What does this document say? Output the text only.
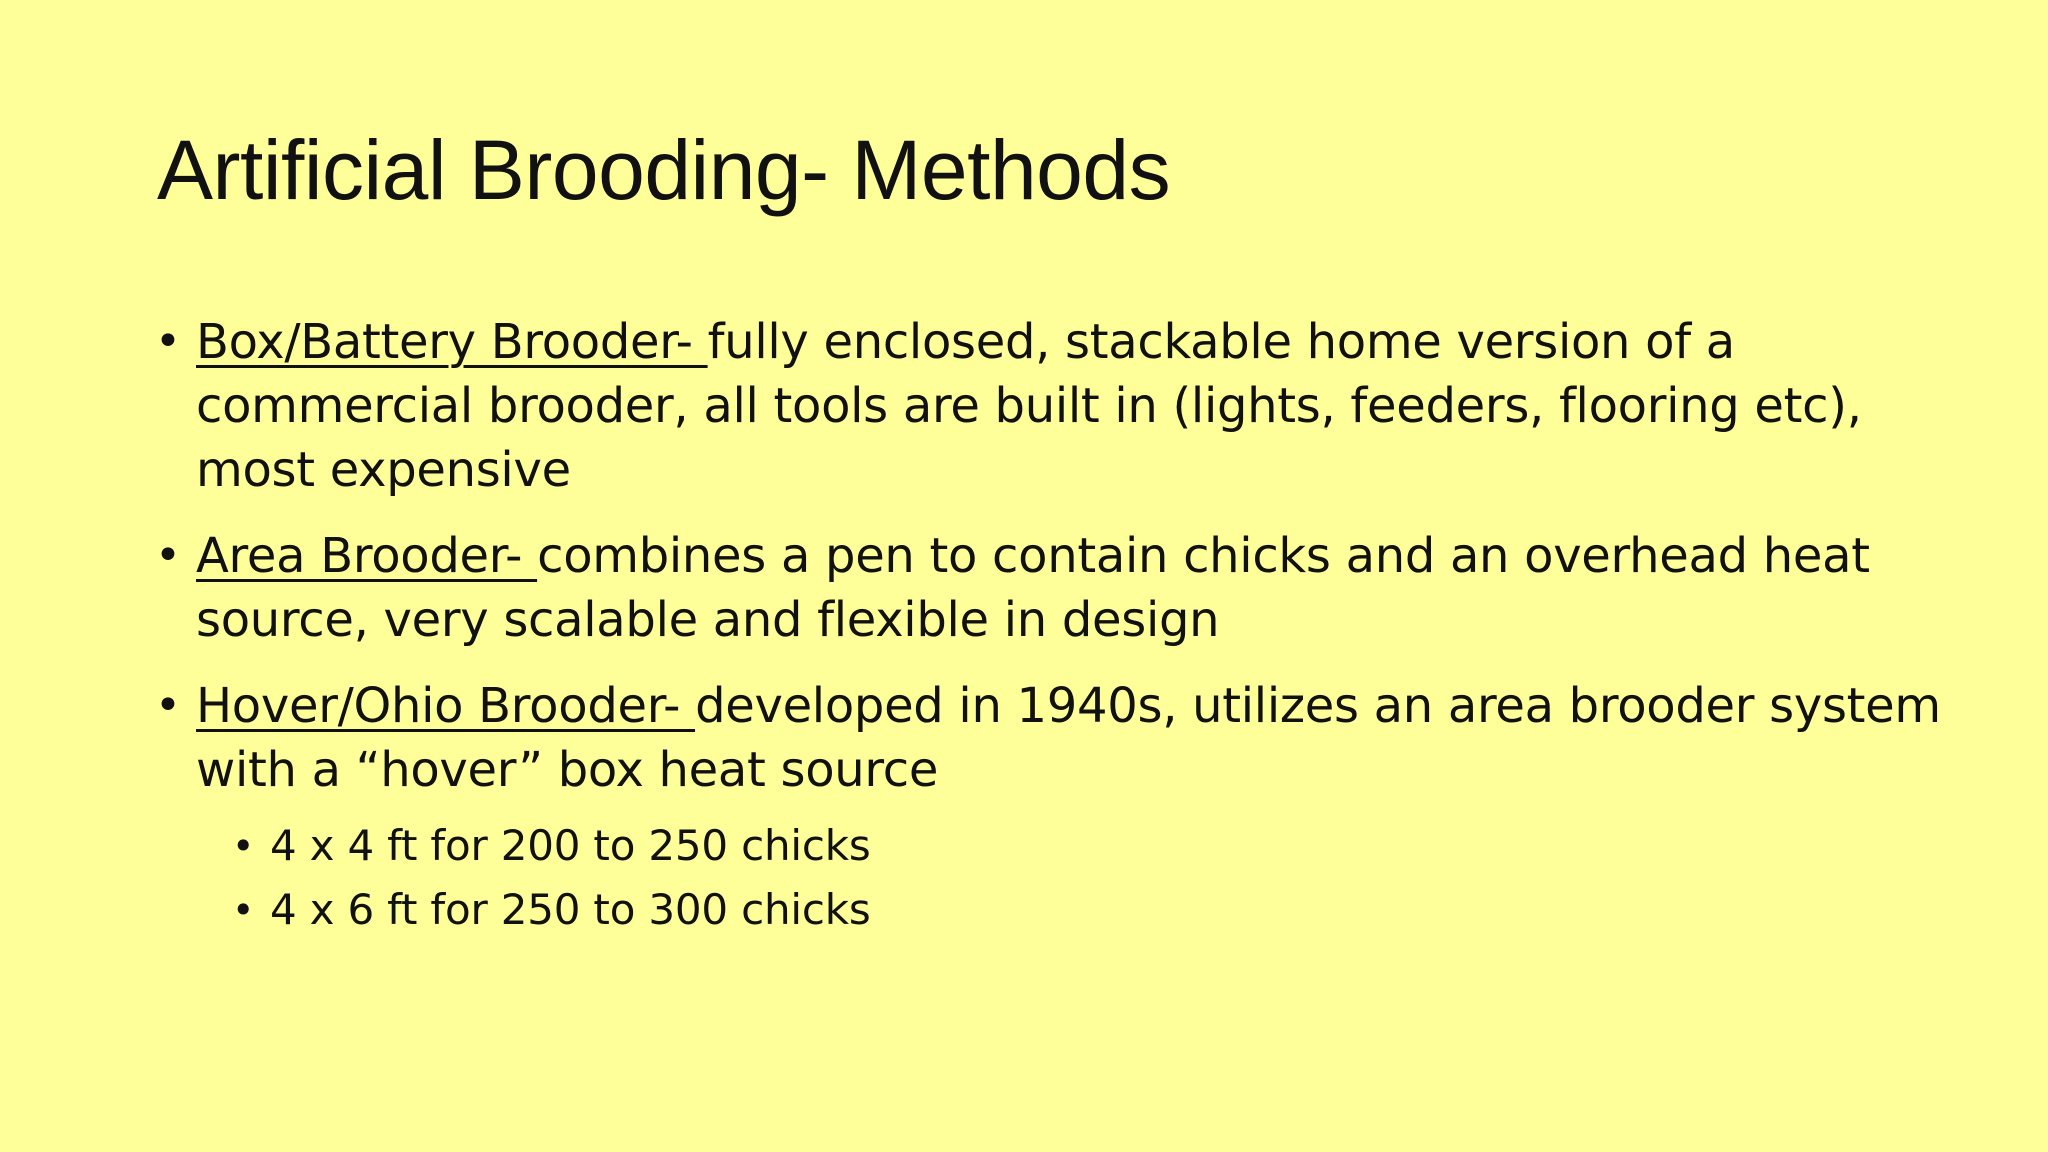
Artificial Brooding- Methods
• Box/Battery Brooder- fully enclosed, stackable home version of a commercial brooder, all tools are built in (lights, feeders, flooring etc), most expensive
• Area Brooder- combines a pen to contain chicks and an overhead heat source, very scalable and flexible in design
• Hover/Ohio Brooder- developed in 1940s, utilizes an area brooder system with a “hover” box heat source
• 4 x 4 ft for 200 to 250 chicks
• 4 x 6 ft for 250 to 300 chicks
